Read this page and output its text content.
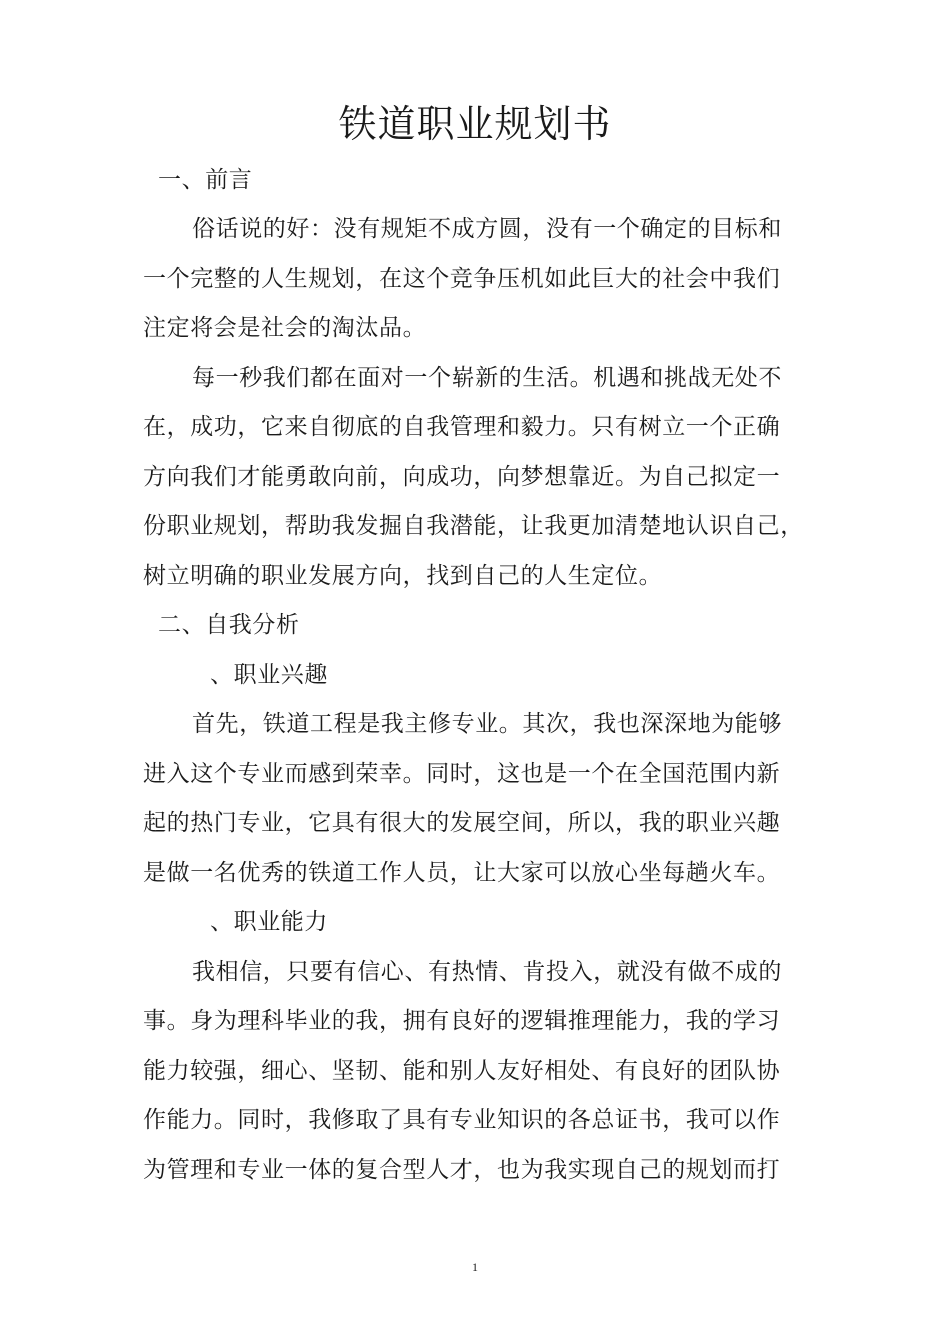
铁道职业规划书
一、前言
俗话说的好：没有规矩不成方圆，没有一个确定的目标和
一个完整的人生规划，在这个竞争压机如此巨大的社会中我们
注定将会是社会的淘汰品。
每一秒我们都在面对一个崭新的生活。机遇和挑战无处不
在，成功，它来自彻底的自我管理和毅力。只有树立一个正确
方向我们才能勇敢向前，向成功，向梦想靠近。为自己拟定一
份职业规划，帮助我发掘自我潜能，让我更加清楚地认识自己，
树立明确的职业发展方向，找到自己的人生定位。
二、自我分析
、职业兴趣
首先，铁道工程是我主修专业。其次，我也深深地为能够
进入这个专业而感到荣幸。同时，这也是一个在全国范围内新
起的热门专业，它具有很大的发展空间，所以，我的职业兴趣
是做一名优秀的铁道工作人员，让大家可以放心坐每趟火车。
、职业能力
我相信，只要有信心、有热情、肯投入，就没有做不成的
事。身为理科毕业的我，拥有良好的逻辑推理能力，我的学习
能力较强，细心、坚韧、能和别人友好相处、有良好的团队协
作能力。同时，我修取了具有专业知识的各总证书，我可以作
为管理和专业一体的复合型人才，也为我实现自己的规划而打
1
